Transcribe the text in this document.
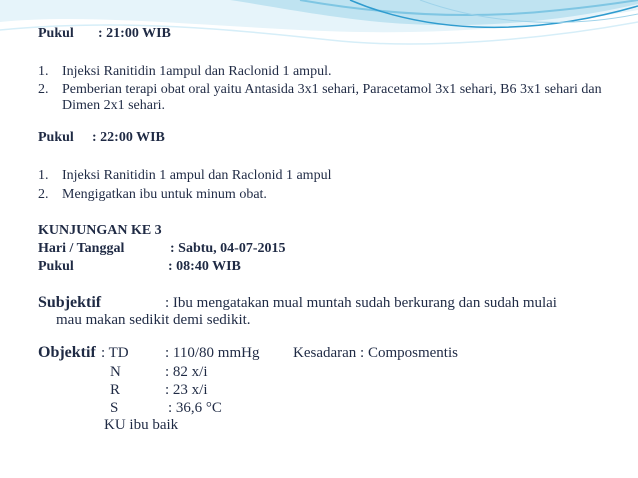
Pukul : 21:00 WIB
1. Injeksi Ranitidin 1ampul dan Raclonid 1 ampul.
2. Pemberian terapi obat oral yaitu Antasida 3x1 sehari, Paracetamol 3x1 sehari, B6 3x1 sehari dan Dimen 2x1 sehari.
Pukul : 22:00 WIB
1. Injeksi Ranitidin 1 ampul dan Raclonid 1 ampul
2. Mengigatkan ibu untuk minum obat.
KUNJUNGAN KE 3
Hari / Tanggal	: Sabtu, 04-07-2015
Pukul	: 08:40 WIB
Subjektif	: Ibu mengatakan mual muntah sudah berkurang dan sudah mulai
mau makan sedikit demi sedikit.
Objektif : TD : 110/80 mmHg Kesadaran : Composmentis
N	: 82 x/i
R	: 23 x/i
S	: 36,6 °C
KU ibu baik
